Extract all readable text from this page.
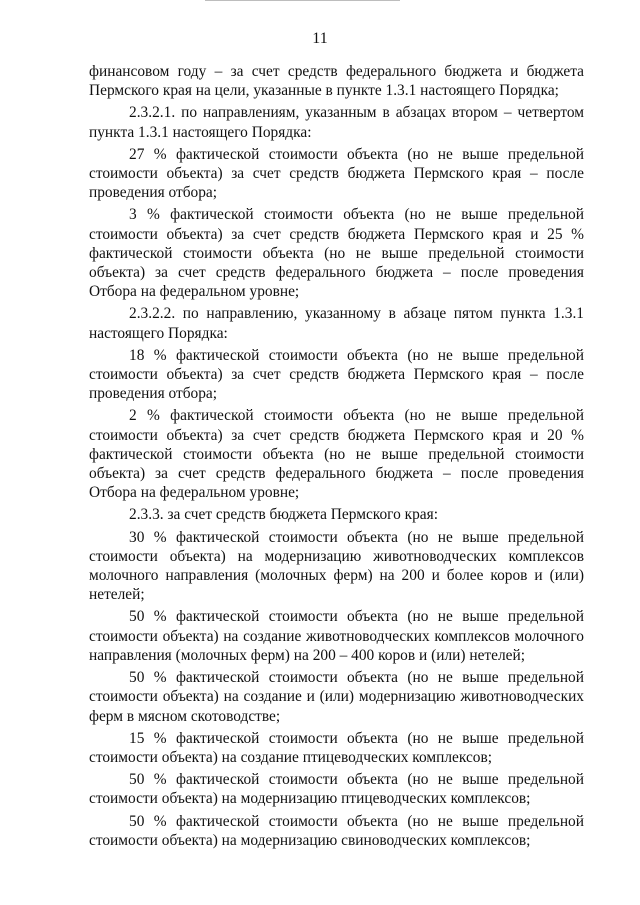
11

финансовом году – за счет средств федерального бюджета и бюджета Пермского края на цели, указанные в пункте 1.3.1 настоящего Порядка;

2.3.2.1. по направлениям, указанным в абзацах втором – четвертом пункта 1.3.1 настоящего Порядка:

27 % фактической стоимости объекта (но не выше предельной стоимости объекта) за счет средств бюджета Пермского края – после проведения отбора;

3 % фактической стоимости объекта (но не выше предельной стоимости объекта) за счет средств бюджета Пермского края и 25 % фактической стоимости объекта (но не выше предельной стоимости объекта) за счет средств федерального бюджета – после проведения Отбора на федеральном уровне;

2.3.2.2. по направлению, указанному в абзаце пятом пункта 1.3.1 настоящего Порядка:

18 % фактической стоимости объекта (но не выше предельной стоимости объекта) за счет средств бюджета Пермского края – после проведения отбора;

2 % фактической стоимости объекта (но не выше предельной стоимости объекта) за счет средств бюджета Пермского края и 20 % фактической стоимости объекта (но не выше предельной стоимости объекта) за счет средств федерального бюджета – после проведения Отбора на федеральном уровне;

2.3.3. за счет средств бюджета Пермского края:

30 % фактической стоимости объекта (но не выше предельной стоимости объекта) на модернизацию животноводческих комплексов молочного направления (молочных ферм) на 200 и более коров и (или) нетелей;

50 % фактической стоимости объекта (но не выше предельной стоимости объекта) на создание животноводческих комплексов молочного направления (молочных ферм) на 200 – 400 коров и (или) нетелей;

50 % фактической стоимости объекта (но не выше предельной стоимости объекта) на создание и (или) модернизацию животноводческих ферм в мясном скотоводстве;

15 % фактической стоимости объекта (но не выше предельной стоимости объекта) на создание птицеводческих комплексов;

50 % фактической стоимости объекта (но не выше предельной стоимости объекта) на модернизацию птицеводческих комплексов;

50 % фактической стоимости объекта (но не выше предельной стоимости объекта) на модернизацию свиноводческих комплексов;
